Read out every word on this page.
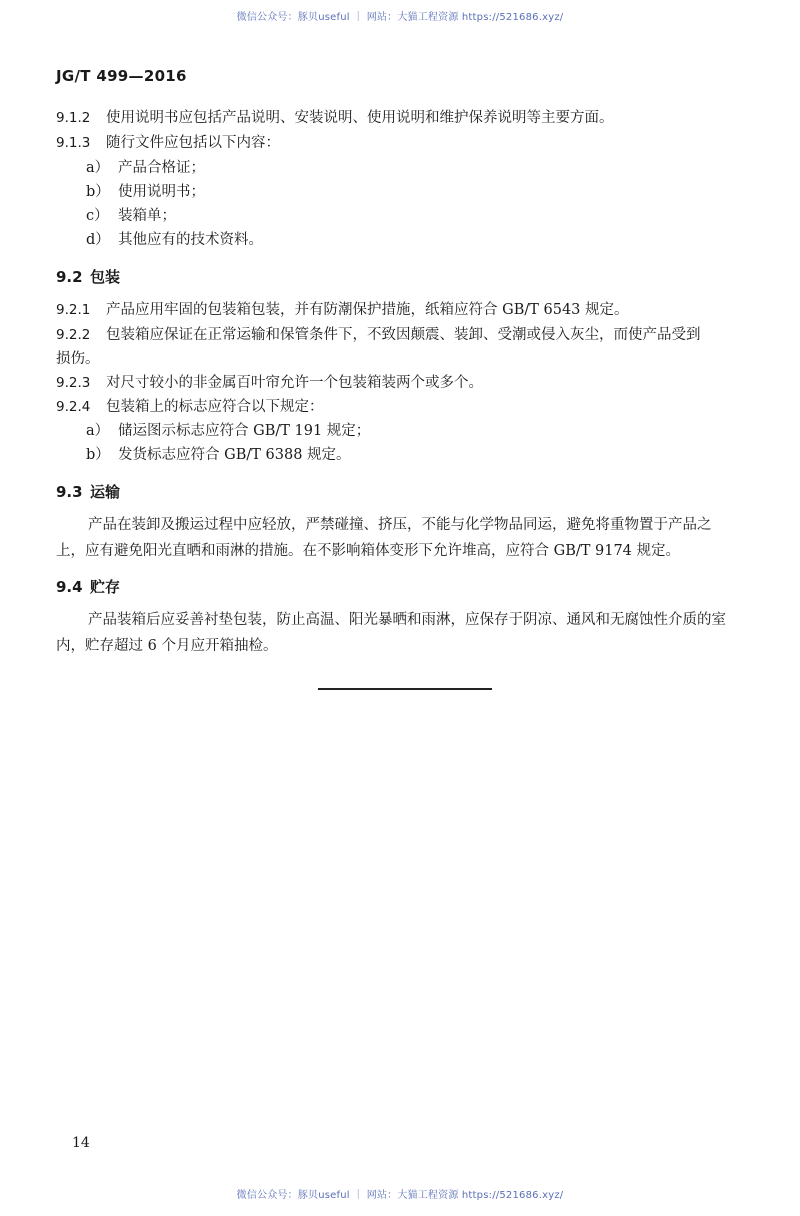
微信公众号：豚贝useful ｜ 网站：大猫工程资源 https://521686.xyz/
JG/T 499—2016
9.1.2 使用说明书应包括产品说明、安装说明、使用说明和维护保养说明等主要方面。
9.1.3 随行文件应包括以下内容：
a） 产品合格证；
b） 使用说明书；
c） 装箱单；
d） 其他应有的技术资料。
9.2 包装
9.2.1 产品应用牢固的包装箱包装，并有防潮保护措施，纸箱应符合 GB/T 6543 规定。
9.2.2 包装箱应保证在正常运输和保管条件下，不致因颠震、装卸、受潮或侵入灰尘，而使产品受到
损伤。
9.2.3 对尺寸较小的非金属百叶帘允许一个包装箱装两个或多个。
9.2.4 包装箱上的标志应符合以下规定：
a） 储运图示标志应符合 GB/T 191 规定；
b） 发货标志应符合 GB/T 6388 规定。
9.3 运输
产品在装卸及搬运过程中应轻放，严禁碰撞、挤压，不能与化学物品同运，避免将重物置于产品之
上，应有避免阳光直晒和雨淋的措施。在不影响箱体变形下允许堆高，应符合 GB/T 9174 规定。
9.4 贮存
产品装箱后应妥善衬垫包装，防止高温、阳光暴晒和雨淋，应保存于阴凉、通风和无腐蚀性介质的室
内，贮存超过 6 个月应开箱抽检。
14
微信公众号：豚贝useful ｜ 网站：大猫工程资源 https://521686.xyz/
